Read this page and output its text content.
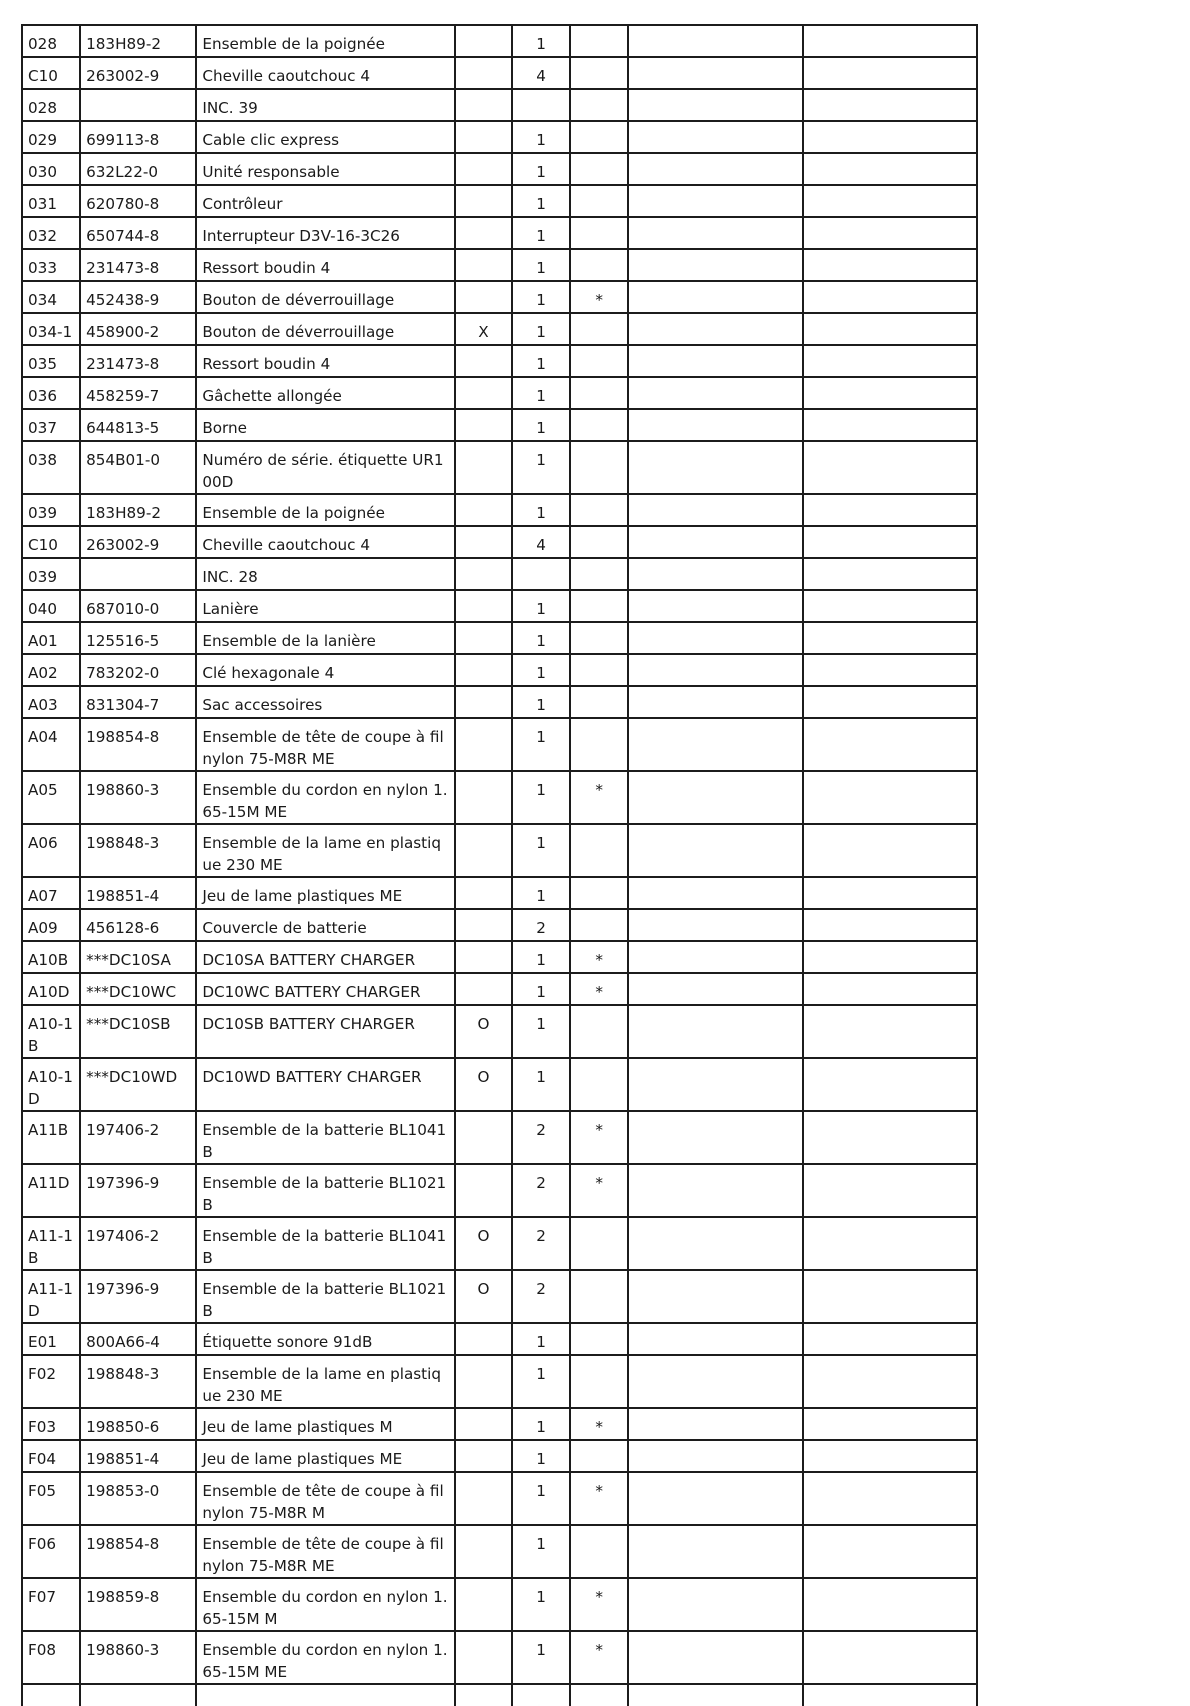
028	183H89-2	Ensemble de la poignée		1			
C10	263002-9	Cheville caoutchouc 4		4			
028		INC. 39					
029	699113-8	Cable clic express		1			
030	632L22-0	Unité responsable		1			
031	620780-8	Contrôleur		1			
032	650744-8	Interrupteur D3V-16-3C26		1			
033	231473-8	Ressort boudin 4		1			
034	452438-9	Bouton de déverrouillage		1	*		
034-1	458900-2	Bouton de déverrouillage	X	1			
035	231473-8	Ressort boudin 4		1			
036	458259-7	Gâchette allongée		1			
037	644813-5	Borne		1			
038	854B01-0	Numéro de série. étiquette UR100D		1			
039	183H89-2	Ensemble de la poignée		1			
C10	263002-9	Cheville caoutchouc 4		4			
039		INC. 28					
040	687010-0	Lanière		1			
A01	125516-5	Ensemble de la lanière		1			
A02	783202-0	Clé hexagonale 4		1			
A03	831304-7	Sac accessoires		1			
A04	198854-8	Ensemble de tête de coupe à fil nylon 75-M8R ME		1			
A05	198860-3	Ensemble du cordon en nylon 1.65-15M ME		1	*		
A06	198848-3	Ensemble de la lame en plastique 230 ME		1			
A07	198851-4	Jeu de lame plastiques ME		1			
A09	456128-6	Couvercle de batterie		2			
A10B	***DC10SA	DC10SA BATTERY CHARGER		1	*		
A10D	***DC10WC	DC10WC BATTERY CHARGER		1	*		
A10-1B	***DC10SB	DC10SB BATTERY CHARGER	O	1			
A10-1D	***DC10WD	DC10WD BATTERY CHARGER	O	1			
A11B	197406-2	Ensemble de la batterie BL1041B		2	*		
A11D	197396-9	Ensemble de la batterie BL1021B		2	*		
A11-1B	197406-2	Ensemble de la batterie BL1041B	O	2			
A11-1D	197396-9	Ensemble de la batterie BL1021B	O	2			
E01	800A66-4	Étiquette sonore 91dB		1			
F02	198848-3	Ensemble de la lame en plastique 230 ME		1			
F03	198850-6	Jeu de lame plastiques M		1	*		
F04	198851-4	Jeu de lame plastiques ME		1			
F05	198853-0	Ensemble de tête de coupe à fil nylon 75-M8R M		1	*		
F06	198854-8	Ensemble de tête de coupe à fil nylon 75-M8R ME		1			
F07	198859-8	Ensemble du cordon en nylon 1.65-15M M		1	*		
F08	198860-3	Ensemble du cordon en nylon 1.65-15M ME		1	*		
